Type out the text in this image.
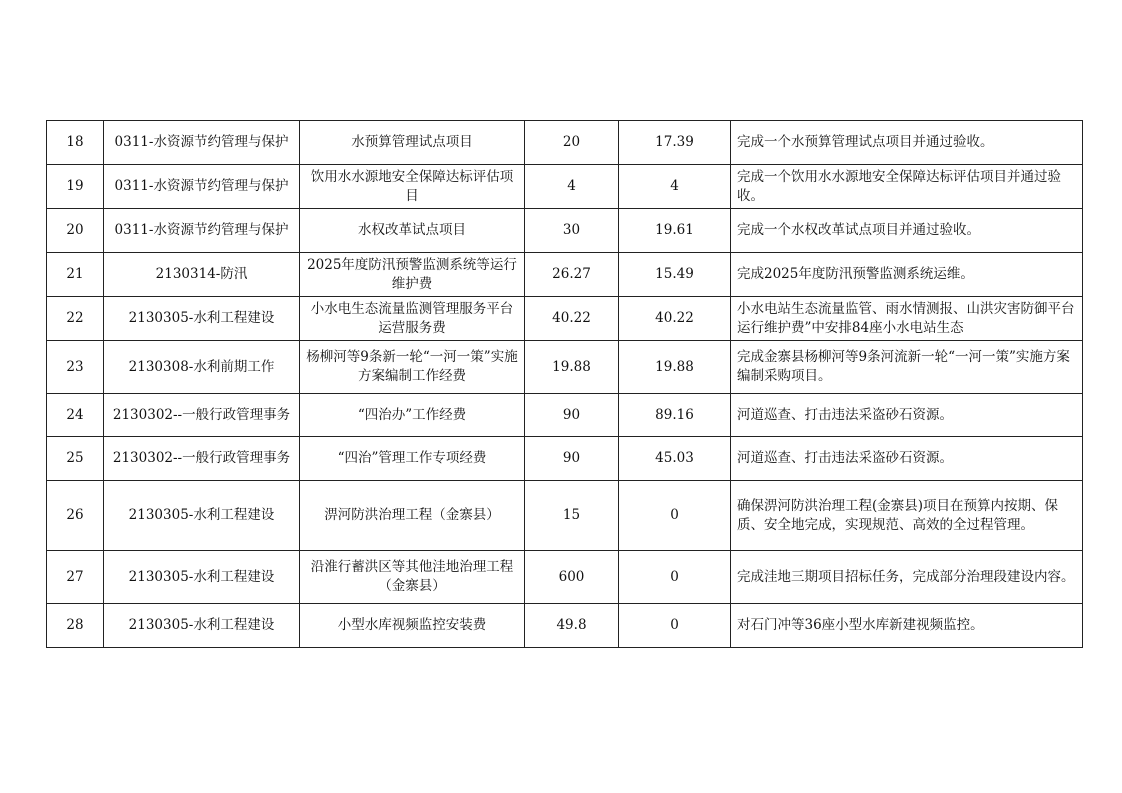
18	0311-水资源节约管理与保护	水预算管理试点项目	20	17.39	完成一个水预算管理试点项目并通过验收。
19	0311-水资源节约管理与保护	饮用水水源地安全保障达标评估项目	4	4	完成一个饮用水水源地安全保障达标评估项目并通过验收。
20	0311-水资源节约管理与保护	水权改革试点项目	30	19.61	完成一个水权改革试点项目并通过验收。
21	2130314-防汛	2025年度防汛预警监测系统等运行维护费	26.27	15.49	完成2025年度防汛预警监测系统运维。
22	2130305-水利工程建设	小水电生态流量监测管理服务平台运营服务费	40.22	40.22	小水电站生态流量监管、雨水情测报、山洪灾害防御平台运行维护费”中安排84座小水电站生态
23	2130308-水利前期工作	杨柳河等9条新一轮“一河一策”实施方案编制工作经费	19.88	19.88	完成金寨县杨柳河等9条河流新一轮“一河一策”实施方案编制采购项目。
24	2130302--一般行政管理事务	“四治办”工作经费	90	89.16	河道巡查、打击违法采盗砂石资源。
25	2130302--一般行政管理事务	“四治”管理工作专项经费	90	45.03	河道巡查、打击违法采盗砂石资源。
26	2130305-水利工程建设	淠河防洪治理工程（金寨县）	15	0	确保淠河防洪治理工程(金寨县)项目在预算内按期、保质、安全地完成，实现规范、高效的全过程管理。
27	2130305-水利工程建设	沿淮行蓄洪区等其他洼地治理工程（金寨县）	600	0	完成洼地三期项目招标任务，完成部分治理段建设内容。
28	2130305-水利工程建设	小型水库视频监控安装费	49.8	0	对石门冲等36座小型水库新建视频监控。
